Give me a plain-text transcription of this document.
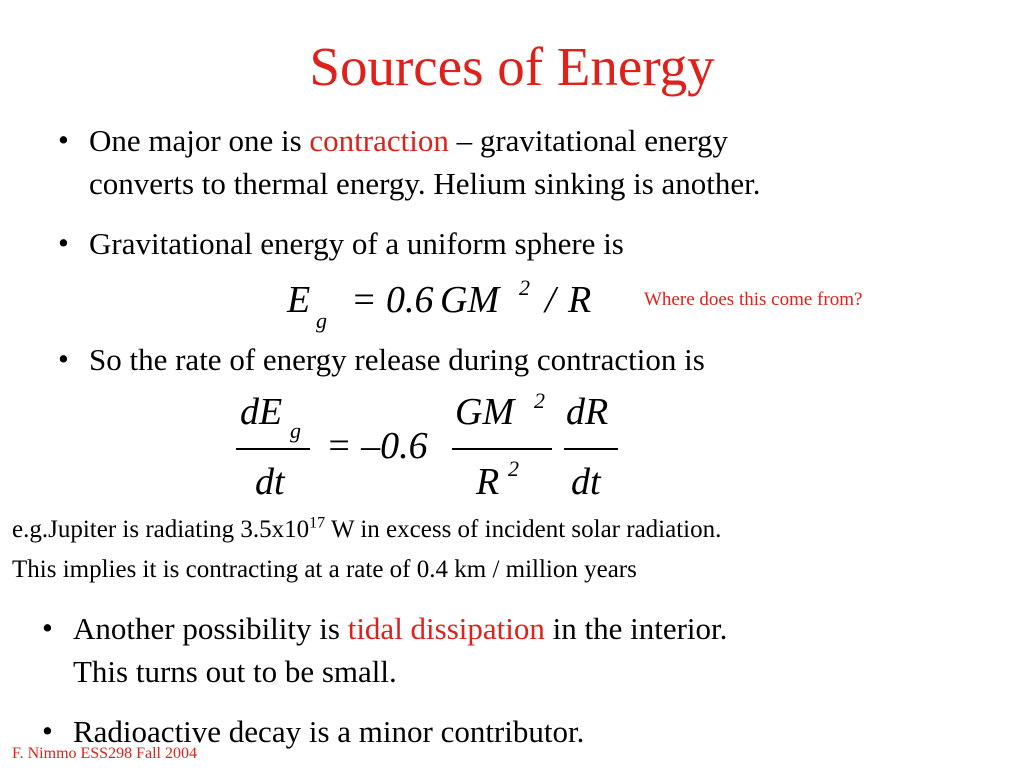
Sources of Energy
• One major one is contraction – gravitational energy
converts to thermal energy. Helium sinking is another.
• Gravitational energy of a uniform sphere is
E g = 0.6 GM 2 / R	Where does this come from?
• So the rate of energy release during contraction is
dE g
dt
= –0.6
GM 2
R 2
dR
dt
e.g.Jupiter is radiating $3.5x10^{17}$ W in excess of incident solar radiation.
This implies it is contracting at a rate of 0.4 km / million years
• Another possibility is tidal dissipation in the interior.
This turns out to be small.
• Radioactive decay is a minor contributor.
F. Nimmo ESS298 Fall 2004
